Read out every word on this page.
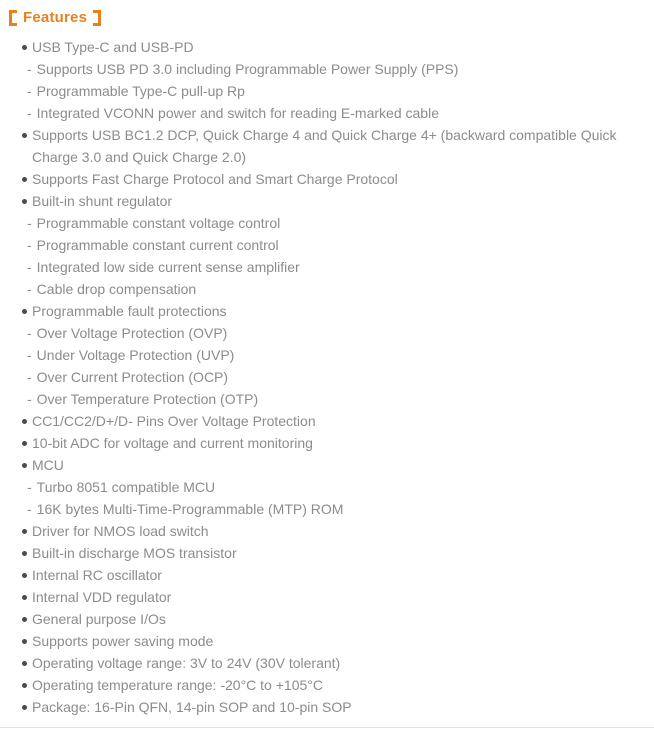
Features
USB Type-C and USB-PD
- Supports USB PD 3.0 including Programmable Power Supply (PPS)
- Programmable Type-C pull-up Rp
- Integrated VCONN power and switch for reading E-marked cable
Supports USB BC1.2 DCP, Quick Charge 4 and Quick Charge 4+ (backward compatible Quick Charge 3.0 and Quick Charge 2.0)
Supports Fast Charge Protocol and Smart Charge Protocol
Built-in shunt regulator
- Programmable constant voltage control
- Programmable constant current control
- Integrated low side current sense amplifier
- Cable drop compensation
Programmable fault protections
- Over Voltage Protection (OVP)
- Under Voltage Protection (UVP)
- Over Current Protection (OCP)
- Over Temperature Protection (OTP)
CC1/CC2/D+/D- Pins Over Voltage Protection
10-bit ADC for voltage and current monitoring
MCU
- Turbo 8051 compatible MCU
- 16K bytes Multi-Time-Programmable (MTP) ROM
Driver for NMOS load switch
Built-in discharge MOS transistor
Internal RC oscillator
Internal VDD regulator
General purpose I/Os
Supports power saving mode
Operating voltage range: 3V to 24V (30V tolerant)
Operating temperature range: -20°C to +105°C
Package: 16-Pin QFN, 14-pin SOP and 10-pin SOP
